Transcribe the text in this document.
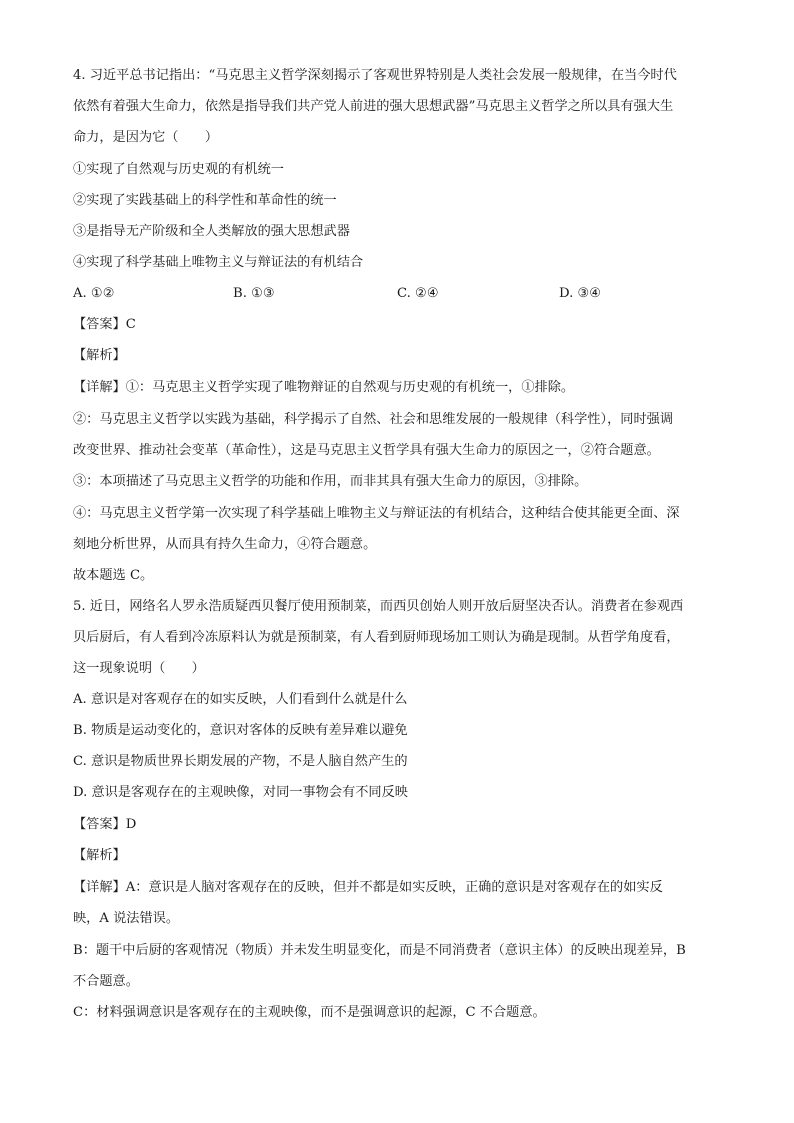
4. 习近平总书记指出：“马克思主义哲学深刻揭示了客观世界特别是人类社会发展一般规律，在当今时代
依然有着强大生命力，依然是指导我们共产党人前进的强大思想武器”马克思主义哲学之所以具有强大生
命力，是因为它（　　）
①实现了自然观与历史观的有机统一
②实现了实践基础上的科学性和革命性的统一
③是指导无产阶级和全人类解放的强大思想武器
④实现了科学基础上唯物主义与辩证法的有机结合
A. ①②	B. ①③	C. ②④	D. ③④
【答案】C
【解析】
【详解】①：马克思主义哲学实现了唯物辩证的自然观与历史观的有机统一，①排除。
②：马克思主义哲学以实践为基础，科学揭示了自然、社会和思维发展的一般规律（科学性），同时强调
改变世界、推动社会变革（革命性），这是马克思主义哲学具有强大生命力的原因之一，②符合题意。
③：本项描述了马克思主义哲学的功能和作用，而非其具有强大生命力的原因，③排除。
④：马克思主义哲学第一次实现了科学基础上唯物主义与辩证法的有机结合，这种结合使其能更全面、深
刻地分析世界，从而具有持久生命力，④符合题意。
故本题选 C。
5. 近日，网络名人罗永浩质疑西贝餐厅使用预制菜，而西贝创始人则开放后厨坚决否认。消费者在参观西
贝后厨后，有人看到冷冻原料认为就是预制菜，有人看到厨师现场加工则认为确是现制。从哲学角度看，
这一现象说明（　　）
A. 意识是对客观存在的如实反映，人们看到什么就是什么
B. 物质是运动变化的，意识对客体的反映有差异难以避免
C. 意识是物质世界长期发展的产物，不是人脑自然产生的
D. 意识是客观存在的主观映像，对同一事物会有不同反映
【答案】D
【解析】
【详解】A：意识是人脑对客观存在的反映，但并不都是如实反映，正确的意识是对客观存在的如实反
映，A 说法错误。
B：题干中后厨的客观情况（物质）并未发生明显变化，而是不同消费者（意识主体）的反映出现差异，B
不合题意。
C：材料强调意识是客观存在的主观映像，而不是强调意识的起源，C 不合题意。
